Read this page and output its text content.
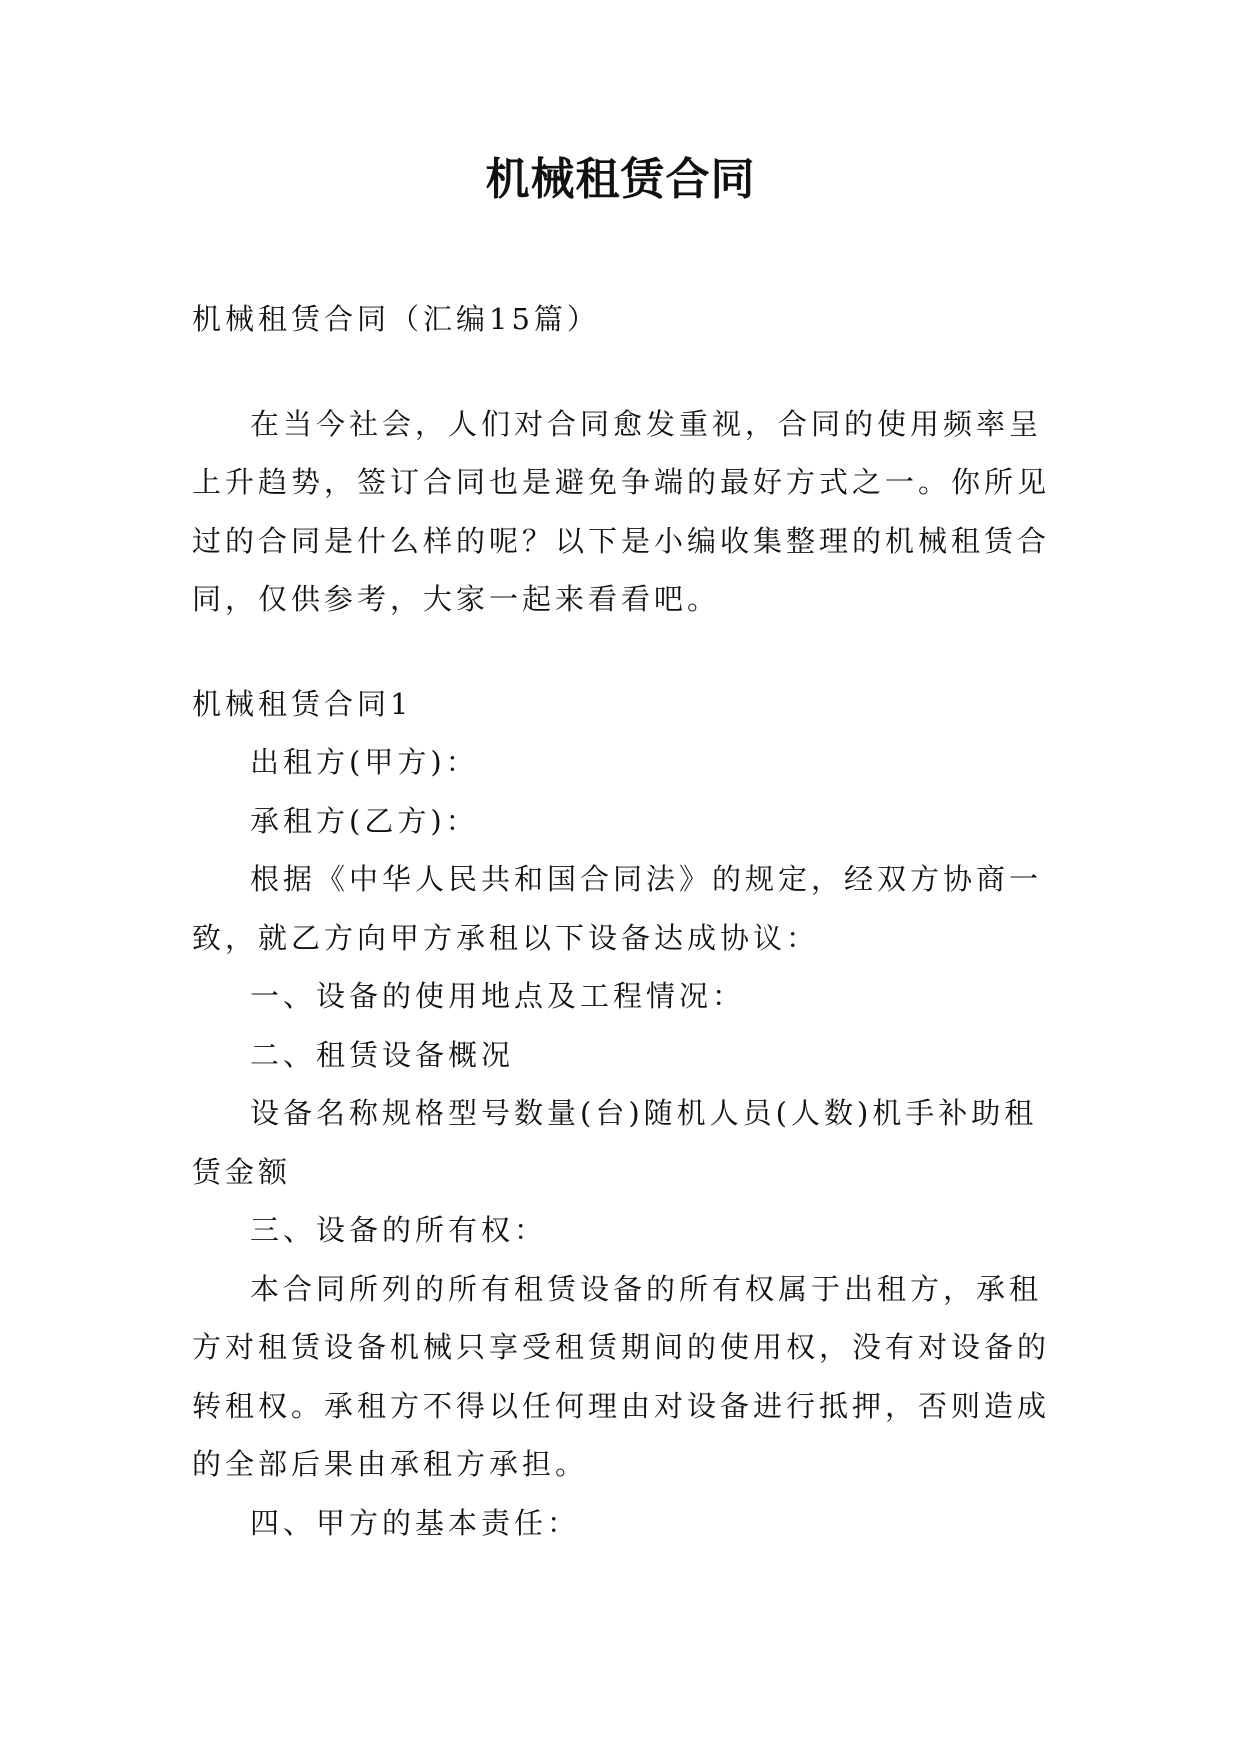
机械租赁合同

机械租赁合同（汇编15篇）

在当今社会，人们对合同愈发重视，合同的使用频率呈上升趋势，签订合同也是避免争端的最好方式之一。你所见过的合同是什么样的呢？以下是小编收集整理的机械租赁合同，仅供参考，大家一起来看看吧。

机械租赁合同1

出租方(甲方)：

承租方(乙方)：

根据《中华人民共和国合同法》的规定，经双方协商一致，就乙方向甲方承租以下设备达成协议：

一、设备的使用地点及工程情况：

二、租赁设备概况

设备名称规格型号数量(台)随机人员(人数)机手补助租赁金额

三、设备的所有权：

本合同所列的所有租赁设备的所有权属于出租方，承租方对租赁设备机械只享受租赁期间的使用权，没有对设备的转租权。承租方不得以任何理由对设备进行抵押，否则造成的全部后果由承租方承担。

四、甲方的基本责任：
